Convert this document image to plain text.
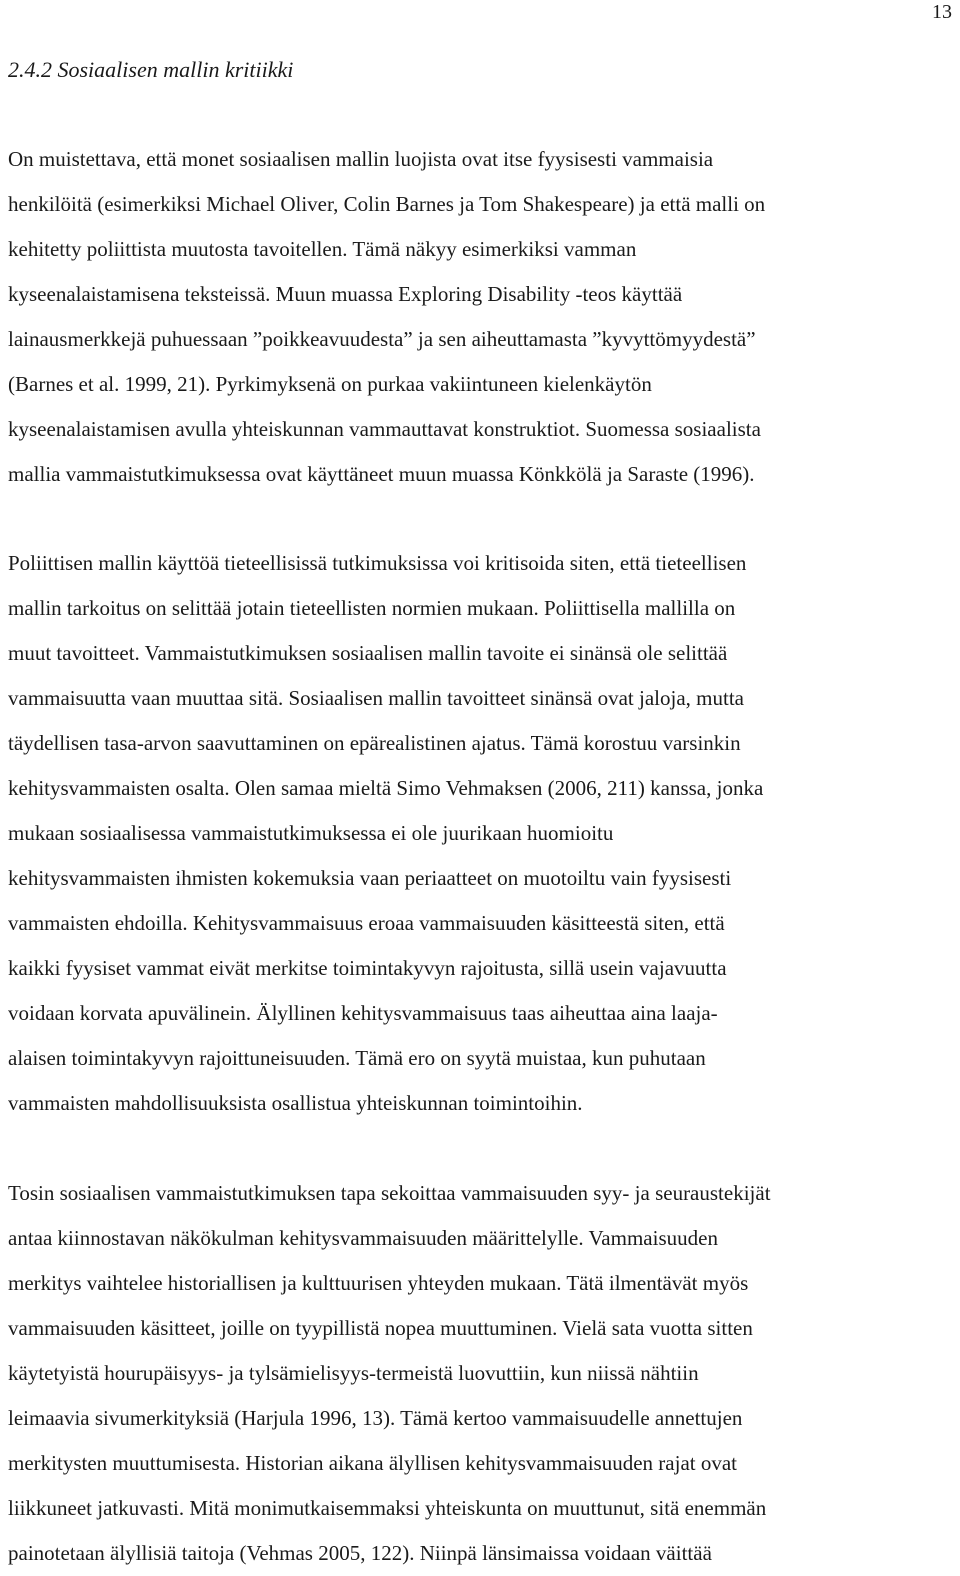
13
2.4.2 Sosiaalisen mallin kritiikki
On muistettava, että monet sosiaalisen mallin luojista ovat itse fyysisesti vammaisia
henkilöitä (esimerkiksi Michael Oliver, Colin Barnes ja Tom Shakespeare) ja että malli on
kehitetty poliittista muutosta tavoitellen. Tämä näkyy esimerkiksi vamman
kyseenalaistamisena teksteissä. Muun muassa Exploring Disability -teos käyttää
lainausmerkkejä puhuessaan ”poikkeavuudesta” ja sen aiheuttamasta ”kyvyttömyydestä”
(Barnes et al. 1999, 21). Pyrkimyksenä on purkaa vakiintuneen kielenkäytön
kyseenalaistamisen avulla yhteiskunnan vammauttavat konstruktiot. Suomessa sosiaalista
mallia vammaistutkimuksessa ovat käyttäneet muun muassa Könkkölä ja Saraste (1996).
Poliittisen mallin käyttöä tieteellisissä tutkimuksissa voi kritisoida siten, että tieteellisen
mallin tarkoitus on selittää jotain tieteellisten normien mukaan. Poliittisella mallilla on
muut tavoitteet. Vammaistutkimuksen sosiaalisen mallin tavoite ei sinänsä ole selittää
vammaisuutta vaan muuttaa sitä. Sosiaalisen mallin tavoitteet sinänsä ovat jaloja, mutta
täydellisen tasa-arvon saavuttaminen on epärealistinen ajatus. Tämä korostuu varsinkin
kehitysvammaisten osalta. Olen samaa mieltä Simo Vehmaksen (2006, 211) kanssa, jonka
mukaan sosiaalisessa vammaistutkimuksessa ei ole juurikaan huomioitu
kehitysvammaisten ihmisten kokemuksia vaan periaatteet on muotoiltu vain fyysisesti
vammaisten ehdoilla. Kehitysvammaisuus eroaa vammaisuuden käsitteestä siten, että
kaikki fyysiset vammat eivät merkitse toimintakyvyn rajoitusta, sillä usein vajavuutta
voidaan korvata apuvälinein. Älyllinen kehitysvammaisuus taas aiheuttaa aina laaja-
alaisen toimintakyvyn rajoittuneisuuden. Tämä ero on syytä muistaa, kun puhutaan
vammaisten mahdollisuuksista osallistua yhteiskunnan toimintoihin.
Tosin sosiaalisen vammaistutkimuksen tapa sekoittaa vammaisuuden syy- ja seuraustekijät
antaa kiinnostavan näkökulman kehitysvammaisuuden määrittelylle. Vammaisuuden
merkitys vaihtelee historiallisen ja kulttuurisen yhteyden mukaan. Tätä ilmentävät myös
vammaisuuden käsitteet, joille on tyypillistä nopea muuttuminen. Vielä sata vuotta sitten
käytetyistä hourupäisyys- ja tylsämielisyys-termeistä luovuttiin, kun niissä nähtiin
leimaavia sivumerkityksiä (Harjula 1996, 13). Tämä kertoo vammaisuudelle annettujen
merkitysten muuttumisesta. Historian aikana älyllisen kehitysvammaisuuden rajat ovat
liikkuneet jatkuvasti. Mitä monimutkaisemmaksi yhteiskunta on muuttunut, sitä enemmän
painotetaan älyllisiä taitoja (Vehmas 2005, 122). Niinpä länsimaissa voidaan väittää
